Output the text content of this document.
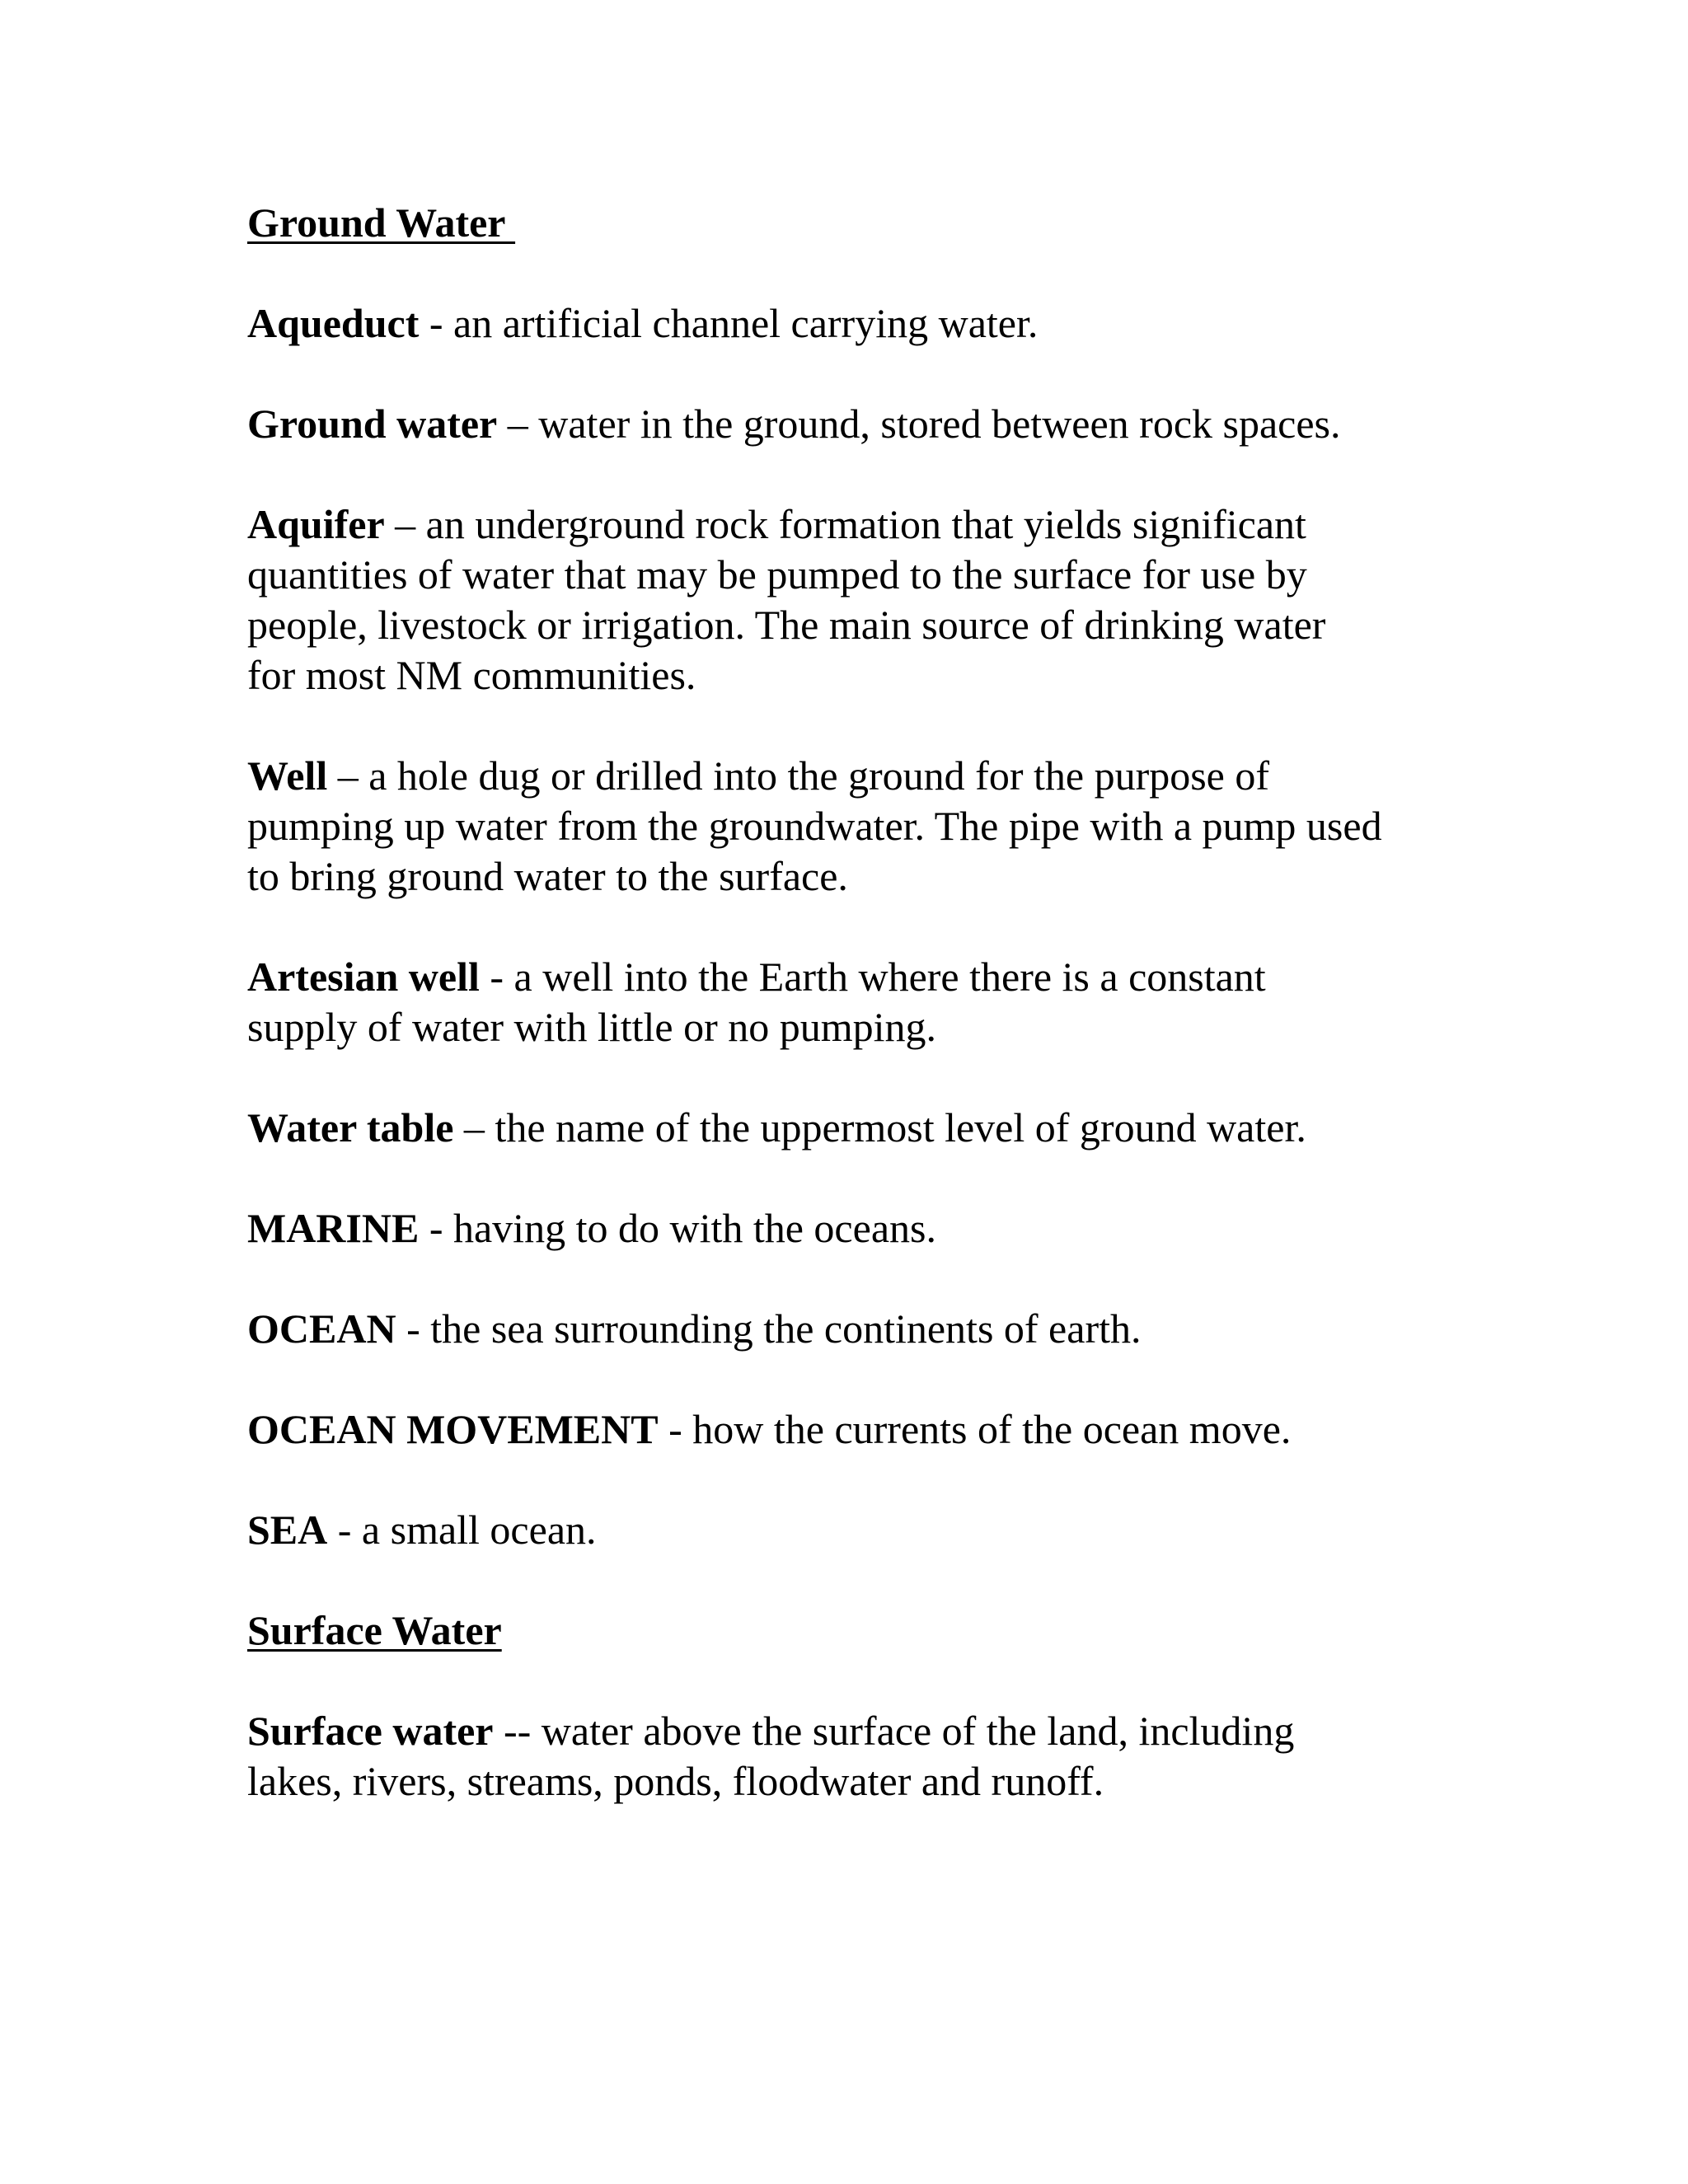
Ground Water
Aqueduct - an artificial channel carrying water.
Ground water – water in the ground, stored between rock spaces.
Aquifer – an underground rock formation that yields significant
quantities of water that may be pumped to the surface for use by
people, livestock or irrigation. The main source of drinking water
for most NM communities.
Well – a hole dug or drilled into the ground for the purpose of
pumping up water from the groundwater. The pipe with a pump used
to bring ground water to the surface.
Artesian well - a well into the Earth where there is a constant
supply of water with little or no pumping.
Water table – the name of the uppermost level of ground water.
MARINE - having to do with the oceans.
OCEAN - the sea surrounding the continents of earth.
OCEAN MOVEMENT - how the currents of the ocean move.
SEA - a small ocean.
Surface Water
Surface water -- water above the surface of the land, including
lakes, rivers, streams, ponds, floodwater and runoff.
